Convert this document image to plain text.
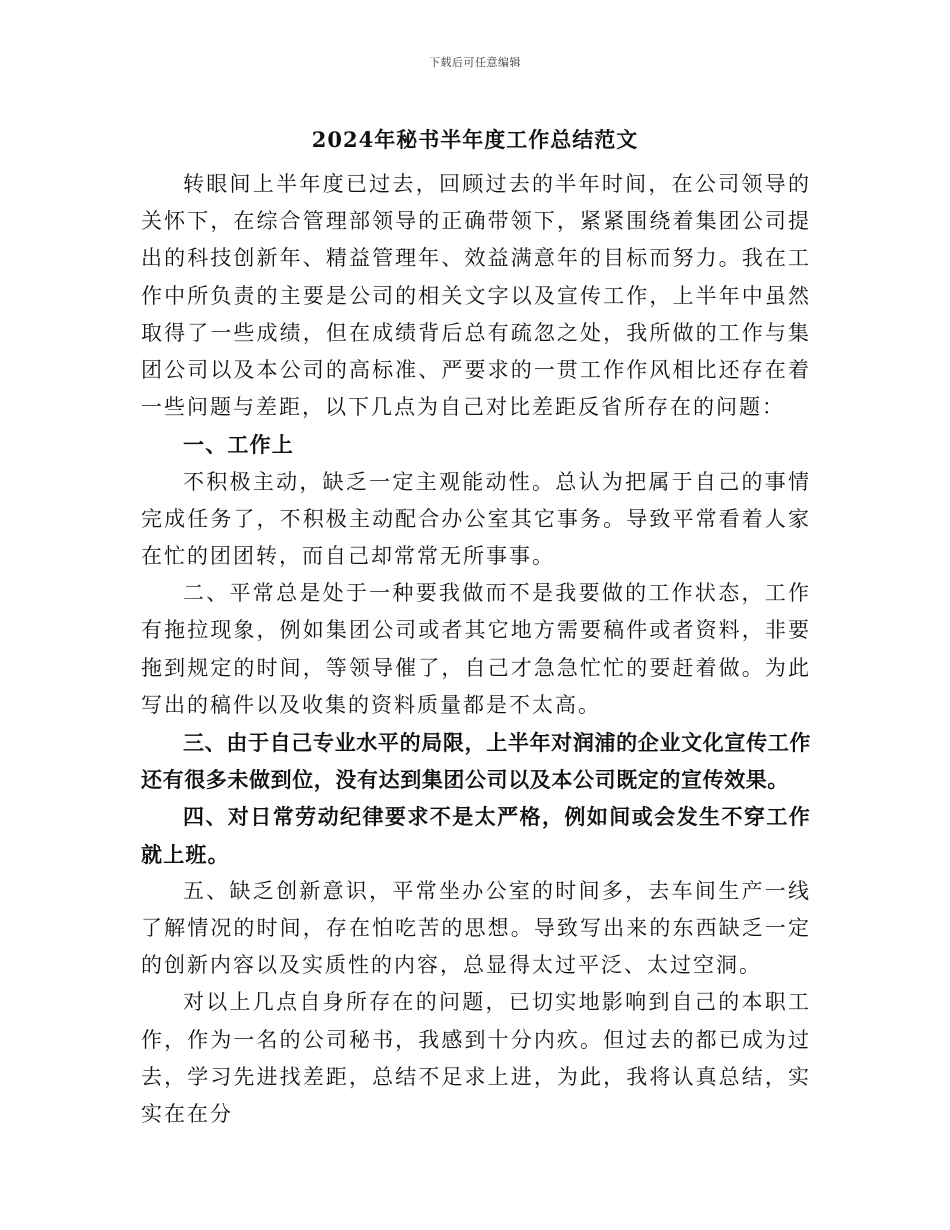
下载后可任意编辑
2024年秘书半年度工作总结范文

转眼间上半年度已过去，回顾过去的半年时间，在公司领导的关怀下，在综合管理部领导的正确带领下，紧紧围绕着集团公司提出的科技创新年、精益管理年、效益满意年的目标而努力。我在工作中所负责的主要是公司的相关文字以及宣传工作，上半年中虽然取得了一些成绩，但在成绩背后总有疏忽之处，我所做的工作与集团公司以及本公司的高标准、严要求的一贯工作作风相比还存在着一些问题与差距，以下几点为自己对比差距反省所存在的问题：

一、工作上

不积极主动，缺乏一定主观能动性。总认为把属于自己的事情完成任务了，不积极主动配合办公室其它事务。导致平常看着人家在忙的团团转，而自己却常常无所事事。

二、平常总是处于一种要我做而不是我要做的工作状态，工作有拖拉现象，例如集团公司或者其它地方需要稿件或者资料，非要拖到规定的时间，等领导催了，自己才急急忙忙的要赶着做。为此写出的稿件以及收集的资料质量都是不太高。

三、由于自己专业水平的局限，上半年对润浦的企业文化宣传工作还有很多未做到位，没有达到集团公司以及本公司既定的宣传效果。

四、对日常劳动纪律要求不是太严格，例如间或会发生不穿工作就上班。

五、缺乏创新意识，平常坐办公室的时间多，去车间生产一线了解情况的时间，存在怕吃苦的思想。导致写出来的东西缺乏一定的创新内容以及实质性的内容，总显得太过平泛、太过空洞。

对以上几点自身所存在的问题，已切实地影响到自己的本职工作，作为一名的公司秘书，我感到十分内疚。但过去的都已成为过去，学习先进找差距，总结不足求上进，为此，我将认真总结，实实在在分
